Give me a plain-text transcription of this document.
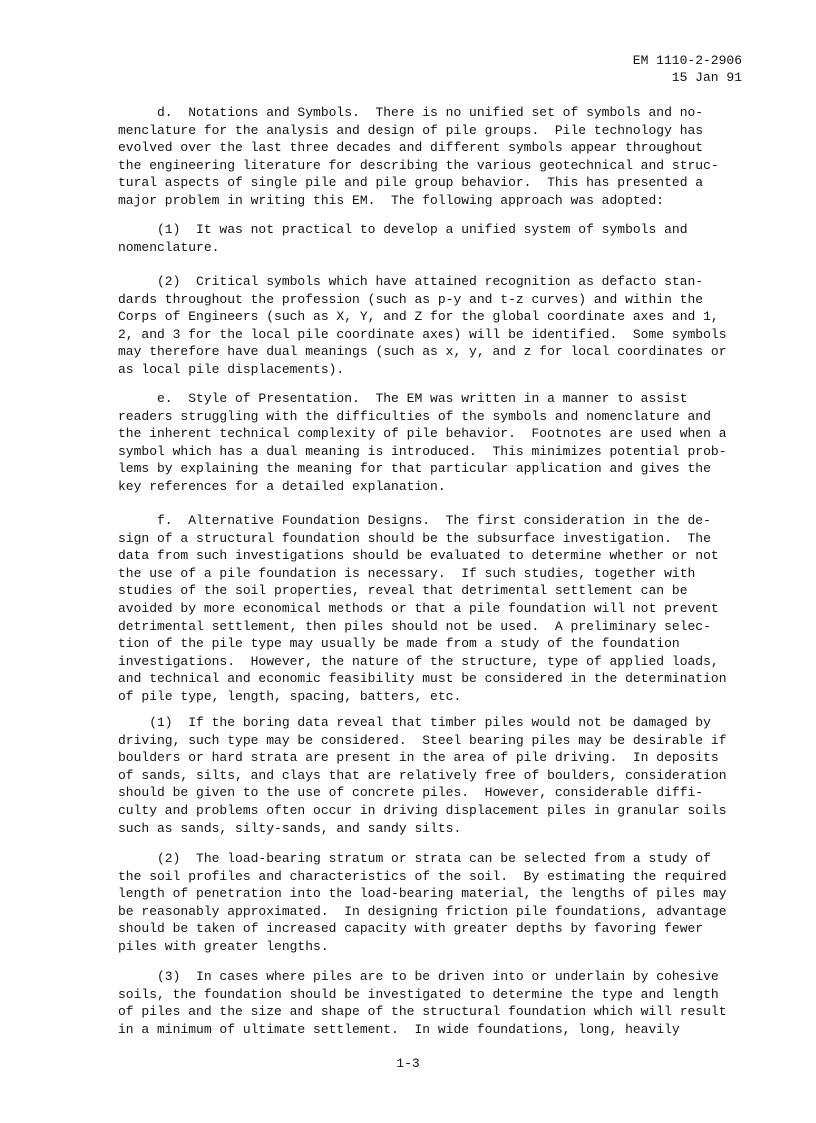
EM 1110-2-2906
15 Jan 91
d.  Notations and Symbols.  There is no unified set of symbols and no-
menclature for the analysis and design of pile groups.  Pile technology has
evolved over the last three decades and different symbols appear throughout
the engineering literature for describing the various geotechnical and struc-
tural aspects of single pile and pile group behavior.  This has presented a
major problem in writing this EM.  The following approach was adopted:
(1)  It was not practical to develop a unified system of symbols and
nomenclature.
(2)  Critical symbols which have attained recognition as defacto stan-
dards throughout the profession (such as p-y and t-z curves) and within the
Corps of Engineers (such as X, Y, and Z for the global coordinate axes and 1,
2, and 3 for the local pile coordinate axes) will be identified.  Some symbols
may therefore have dual meanings (such as x, y, and z for local coordinates or
as local pile displacements).
e.  Style of Presentation.  The EM was written in a manner to assist
readers struggling with the difficulties of the symbols and nomenclature and
the inherent technical complexity of pile behavior.  Footnotes are used when a
symbol which has a dual meaning is introduced.  This minimizes potential prob-
lems by explaining the meaning for that particular application and gives the
key references for a detailed explanation.
f.  Alternative Foundation Designs.  The first consideration in the de-
sign of a structural foundation should be the subsurface investigation.  The
data from such investigations should be evaluated to determine whether or not
the use of a pile foundation is necessary.  If such studies, together with
studies of the soil properties, reveal that detrimental settlement can be
avoided by more economical methods or that a pile foundation will not prevent
detrimental settlement, then piles should not be used.  A preliminary selec-
tion of the pile type may usually be made from a study of the foundation
investigations.  However, the nature of the structure, type of applied loads,
and technical and economic feasibility must be considered in the determination
of pile type, length, spacing, batters, etc.
(1)  If the boring data reveal that timber piles would not be damaged by
driving, such type may be considered.  Steel bearing piles may be desirable if
boulders or hard strata are present in the area of pile driving.  In deposits
of sands, silts, and clays that are relatively free of boulders, consideration
should be given to the use of concrete piles.  However, considerable diffi-
culty and problems often occur in driving displacement piles in granular soils
such as sands, silty-sands, and sandy silts.
(2)  The load-bearing stratum or strata can be selected from a study of
the soil profiles and characteristics of the soil.  By estimating the required
length of penetration into the load-bearing material, the lengths of piles may
be reasonably approximated.  In designing friction pile foundations, advantage
should be taken of increased capacity with greater depths by favoring fewer
piles with greater lengths.
(3)  In cases where piles are to be driven into or underlain by cohesive
soils, the foundation should be investigated to determine the type and length
of piles and the size and shape of the structural foundation which will result
in a minimum of ultimate settlement.  In wide foundations, long, heavily
1-3
